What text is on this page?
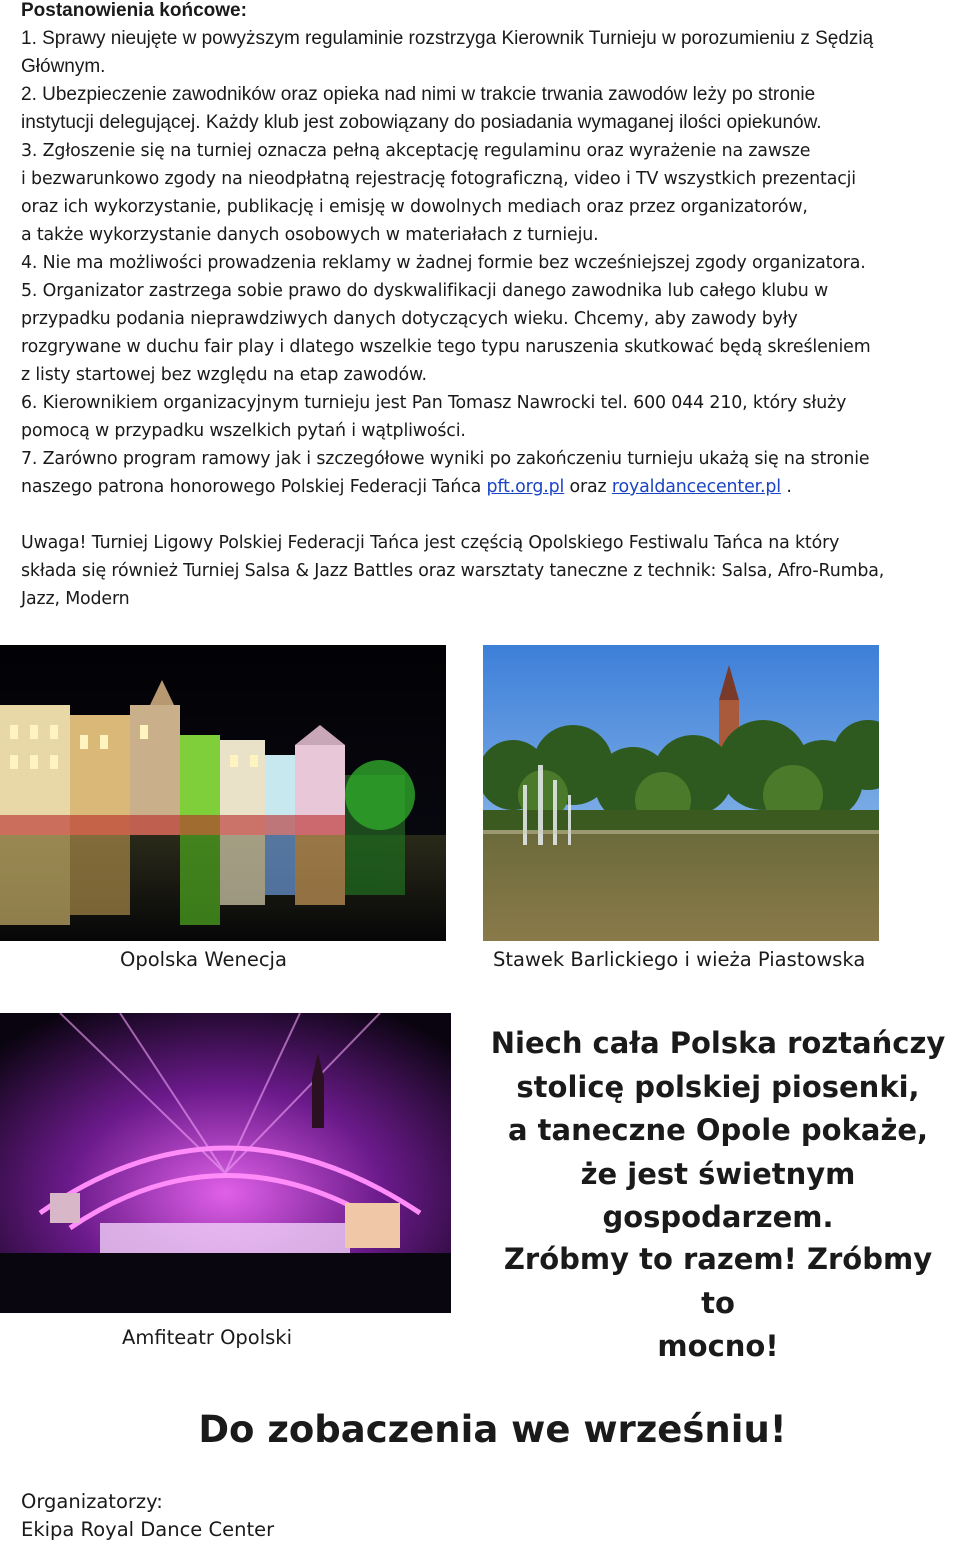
Postanowienia końcowe:
1. Sprawy nieujęte w powyższym regulaminie rozstrzyga Kierownik Turnieju w porozumieniu z Sędzią
Głównym.
2. Ubezpieczenie zawodników oraz opieka nad nimi w trakcie trwania zawodów leży po stronie
instytucji delegującej. Każdy klub jest zobowiązany do posiadania wymaganej ilości opiekunów.
3. Zgłoszenie się na turniej oznacza pełną akceptację regulaminu oraz wyrażenie na zawsze
i bezwarunkowo zgody na nieodpłatną rejestrację fotograficzną, video i TV wszystkich prezentacji
oraz ich wykorzystanie, publikację i emisję w dowolnych mediach oraz przez organizatorów,
a także wykorzystanie danych osobowych w materiałach z turnieju.
4. Nie ma możliwości prowadzenia reklamy w żadnej formie bez wcześniejszej zgody organizatora.
5. Organizator zastrzega sobie prawo do dyskwalifikacji danego zawodnika lub całego klubu w
przypadku podania nieprawdziwych danych dotyczących wieku. Chcemy, aby zawody były
rozgrywane w duchu fair play i dlatego wszelkie tego typu naruszenia skutkować będą skreśleniem
z listy startowej bez względu na etap zawodów.
6. Kierownikiem organizacyjnym turnieju jest Pan Tomasz Nawrocki tel. 600 044 210, który służy
pomocą w przypadku wszelkich pytań i wątpliwości.
7. Zarówno program ramowy jak i szczegółowe wyniki po zakończeniu turnieju ukażą się na stronie
naszego patrona honorowego Polskiej Federacji Tańca pft.org.pl oraz royaldancecenter.pl .
Uwaga! Turniej Ligowy Polskiej Federacji Tańca jest częścią Opolskiego Festiwalu Tańca na który
składa się również Turniej Salsa & Jazz Battles oraz warsztaty taneczne z technik: Salsa, Afro-Rumba,
Jazz, Modern
Opolska Wenecja	Stawek Barlickiego i wieża Piastowska
Amfiteatr Opolski
Niech cała Polska roztańczy
stolicę polskiej piosenki,
a taneczne Opole pokaże,
że jest świetnym gospodarzem.
Zróbmy to razem! Zróbmy to
mocno!
Do zobaczenia we wrześniu!
Organizatorzy:
Ekipa Royal Dance Center
